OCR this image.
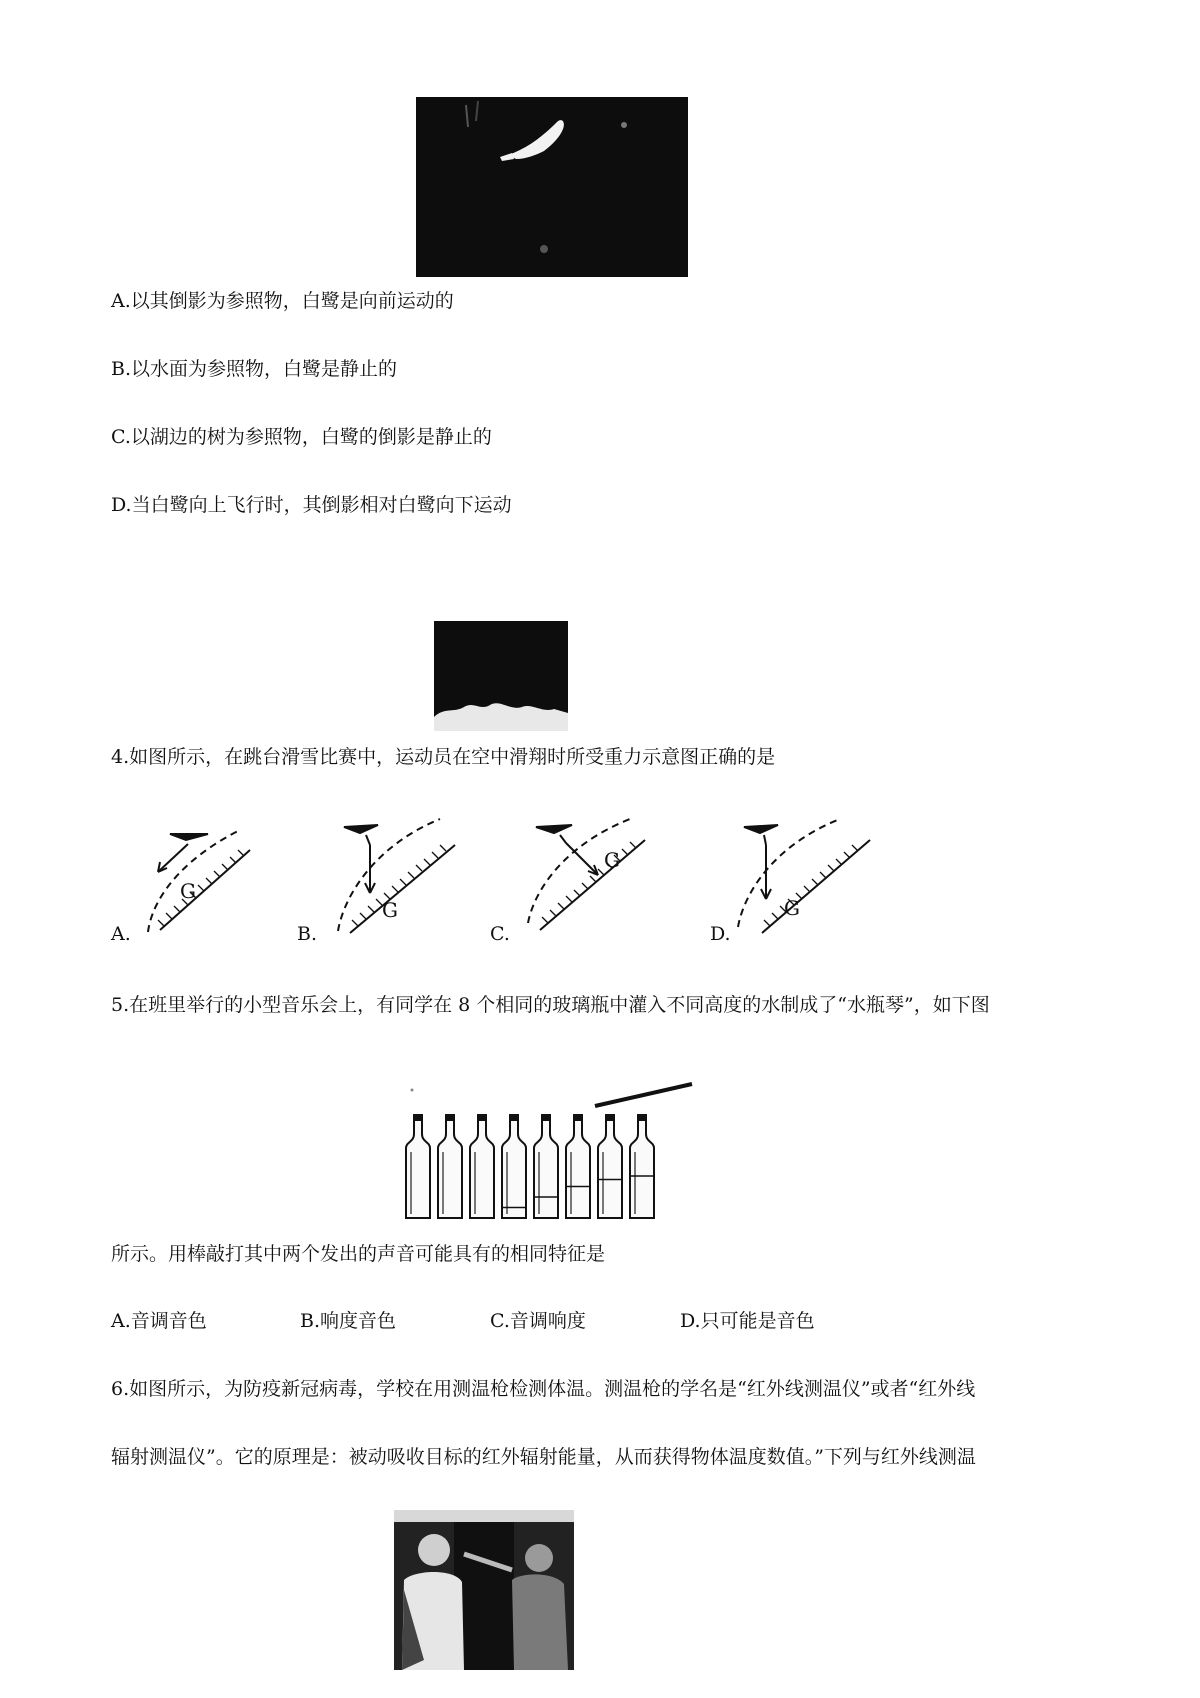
A.以其倒影为参照物，白鹭是向前运动的
B.以水面为参照物，白鹭是静止的
C.以湖边的树为参照物，白鹭的倒影是静止的
D.当白鹭向上飞行时，其倒影相对白鹭向下运动
4.如图所示，在跳台滑雪比赛中，运动员在空中滑翔时所受重力示意图正确的是
G
A.
G
B.
G
C.
G
D.
5.在班里举行的小型音乐会上，有同学在 8 个相同的玻璃瓶中灌入不同高度的水制成了“水瓶琴”，如下图
所示。用棒敲打其中两个发出的声音可能具有的相同特征是
A.音调音色	B.响度音色	C.音调响度	D.只可能是音色
6.如图所示，为防疫新冠病毒，学校在用测温枪检测体温。测温枪的学名是“红外线测温仪”或者“红外线
辐射测温仪”。它的原理是：被动吸收目标的红外辐射能量，从而获得物体温度数值。”下列与红外线测温
